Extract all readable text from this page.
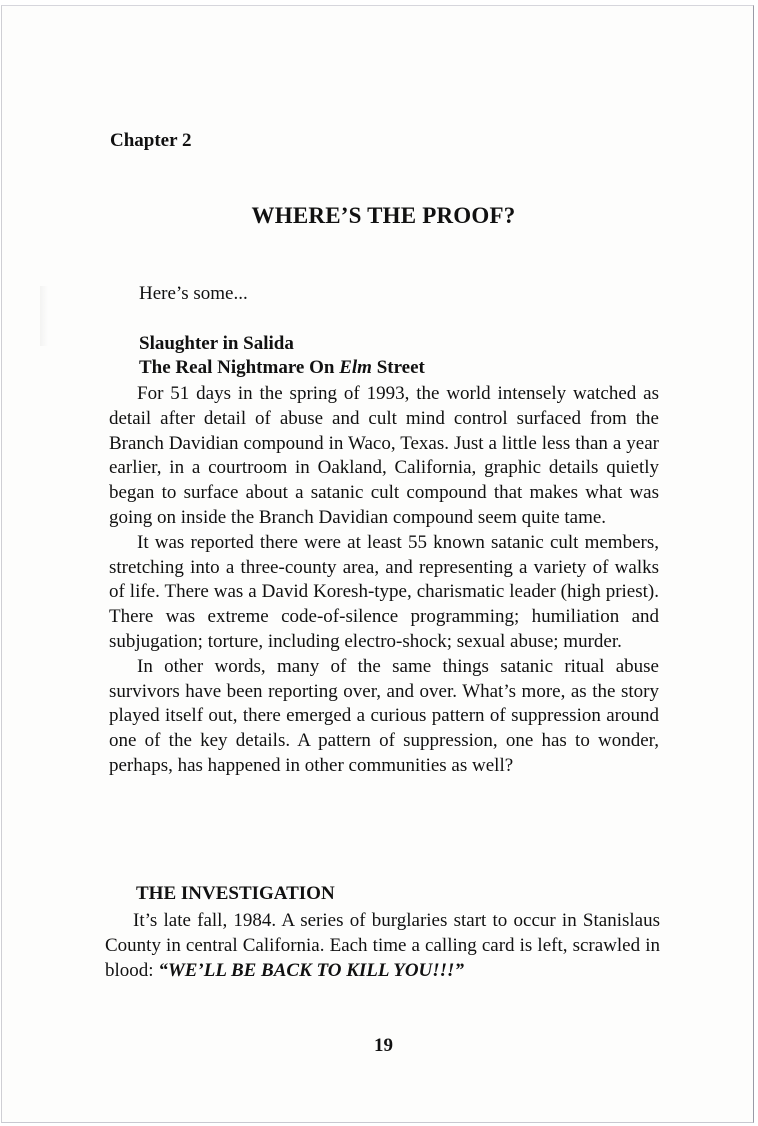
Chapter 2
WHERE’S THE PROOF?

Here’s some...

Slaughter in Salida
The Real Nightmare On Elm Street

For 51 days in the spring of 1993, the world intensely watched as detail after detail of abuse and cult mind control surfaced from the Branch Davidian compound in Waco, Texas. Just a little less than a year earlier, in a courtroom in Oakland, California, graphic details quietly began to surface about a satanic cult compound that makes what was going on inside the Branch Davidian compound seem quite tame.

It was reported there were at least 55 known satanic cult members, stretching into a three-county area, and representing a variety of walks of life. There was a David Koresh-type, charismatic leader (high priest). There was extreme code-of-silence programming; humiliation and subjugation; torture, including electro-shock; sexual abuse; murder.

In other words, many of the same things satanic ritual abuse survivors have been reporting over, and over. What’s more, as the story played itself out, there emerged a curious pattern of suppression around one of the key details. A pattern of suppression, one has to wonder, perhaps, has happened in other communities as well?

THE INVESTIGATION

It’s late fall, 1984. A series of burglaries start to occur in Stanislaus County in central California. Each time a calling card is left, scrawled in blood: “WE’LL BE BACK TO KILL YOU!!!”

19
